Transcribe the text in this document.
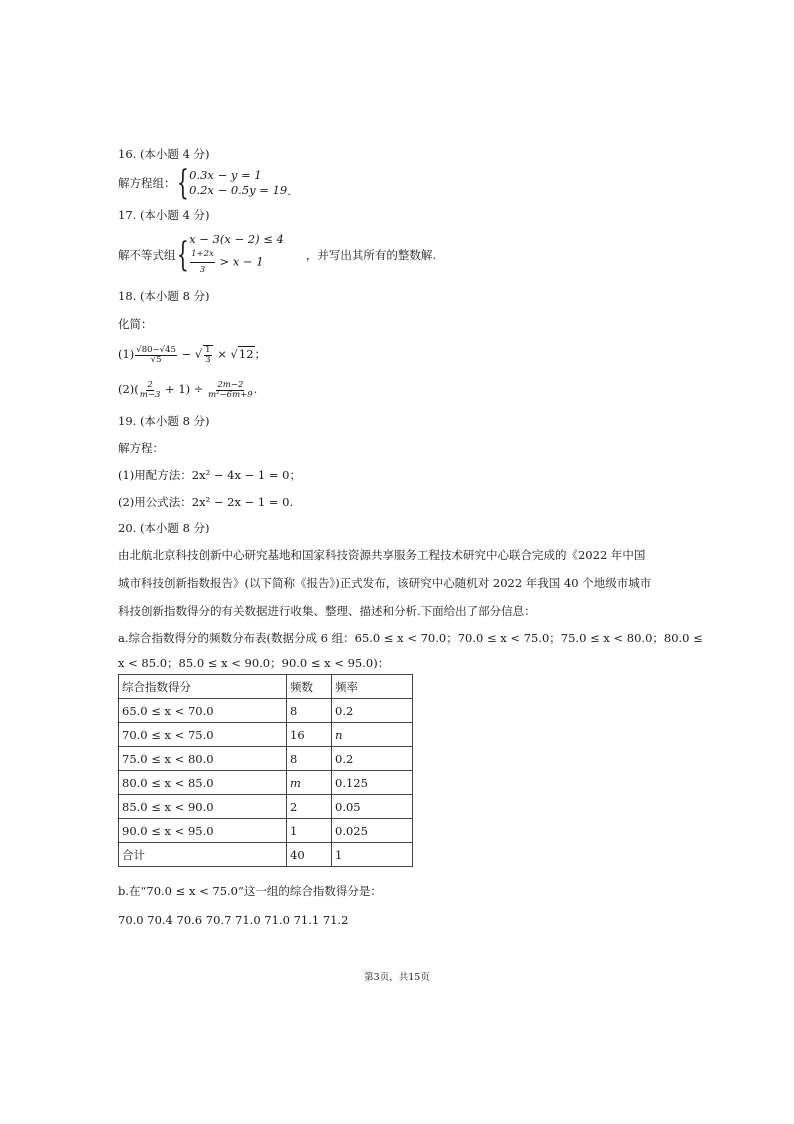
16. (本小题 4 分)
解方程组： { 0.3x − y = 1
0.2x − 0.5y = 19 .
17. (本小题 4 分)
解不等式组 { x − 3(x − 2) ≤ 4
$\frac{1+2x}{3} > x - 1$	，并写出其所有的整数解.
18. (本小题 8 分)
化简：
$(1) \frac{√80-√45}{√5}$ − √ $\frac{1}{3} \times √12$；
$(2)( \frac{2}{m-3} + 1) \div \frac{2m-2}{\text{m²−6m+9}}$ .
19. (本小题 8 分)
解方程：
(1)用配方法：2x² − 4x − 1 = 0；
(2)用公式法：2x² − 2x − 1 = 0.
20. (本小题 8 分)
由北航北京科技创新中心研究基地和国家科技资源共享服务工程技术研究中心联合完成的《2022 年中国
城市科技创新指数报告》(以下简称《报告》)正式发布，该研究中心随机对 2022 年我国 40 个地级市城市
科技创新指数得分的有关数据进行收集、整理、描述和分析.下面给出了部分信息：
a.综合指数得分的频数分布表(数据分成 6 组：65.0 ≤ x < 70.0；70.0 ≤ x < 75.0；75.0 ≤ x < 80.0；80.0 ≤
x < 85.0；85.0 ≤ x < 90.0；90.0 ≤ x < 95.0)：
综合指数得分	频数	频率
65.0 ≤ x < 70.0	8	0.2
70.0 ≤ x < 75.0	16	n
75.0 ≤ x < 80.0	8	0.2
80.0 ≤ x < 85.0	m	0.125
85.0 ≤ x < 90.0	2	0.05
90.0 ≤ x < 95.0	1	0.025
合计	40	1
b.在“70.0 ≤ x < 75.0”这一组的综合指数得分是：
70.0 70.4 70.6 70.7 71.0 71.0 71.1 71.2
第3页，共15页
